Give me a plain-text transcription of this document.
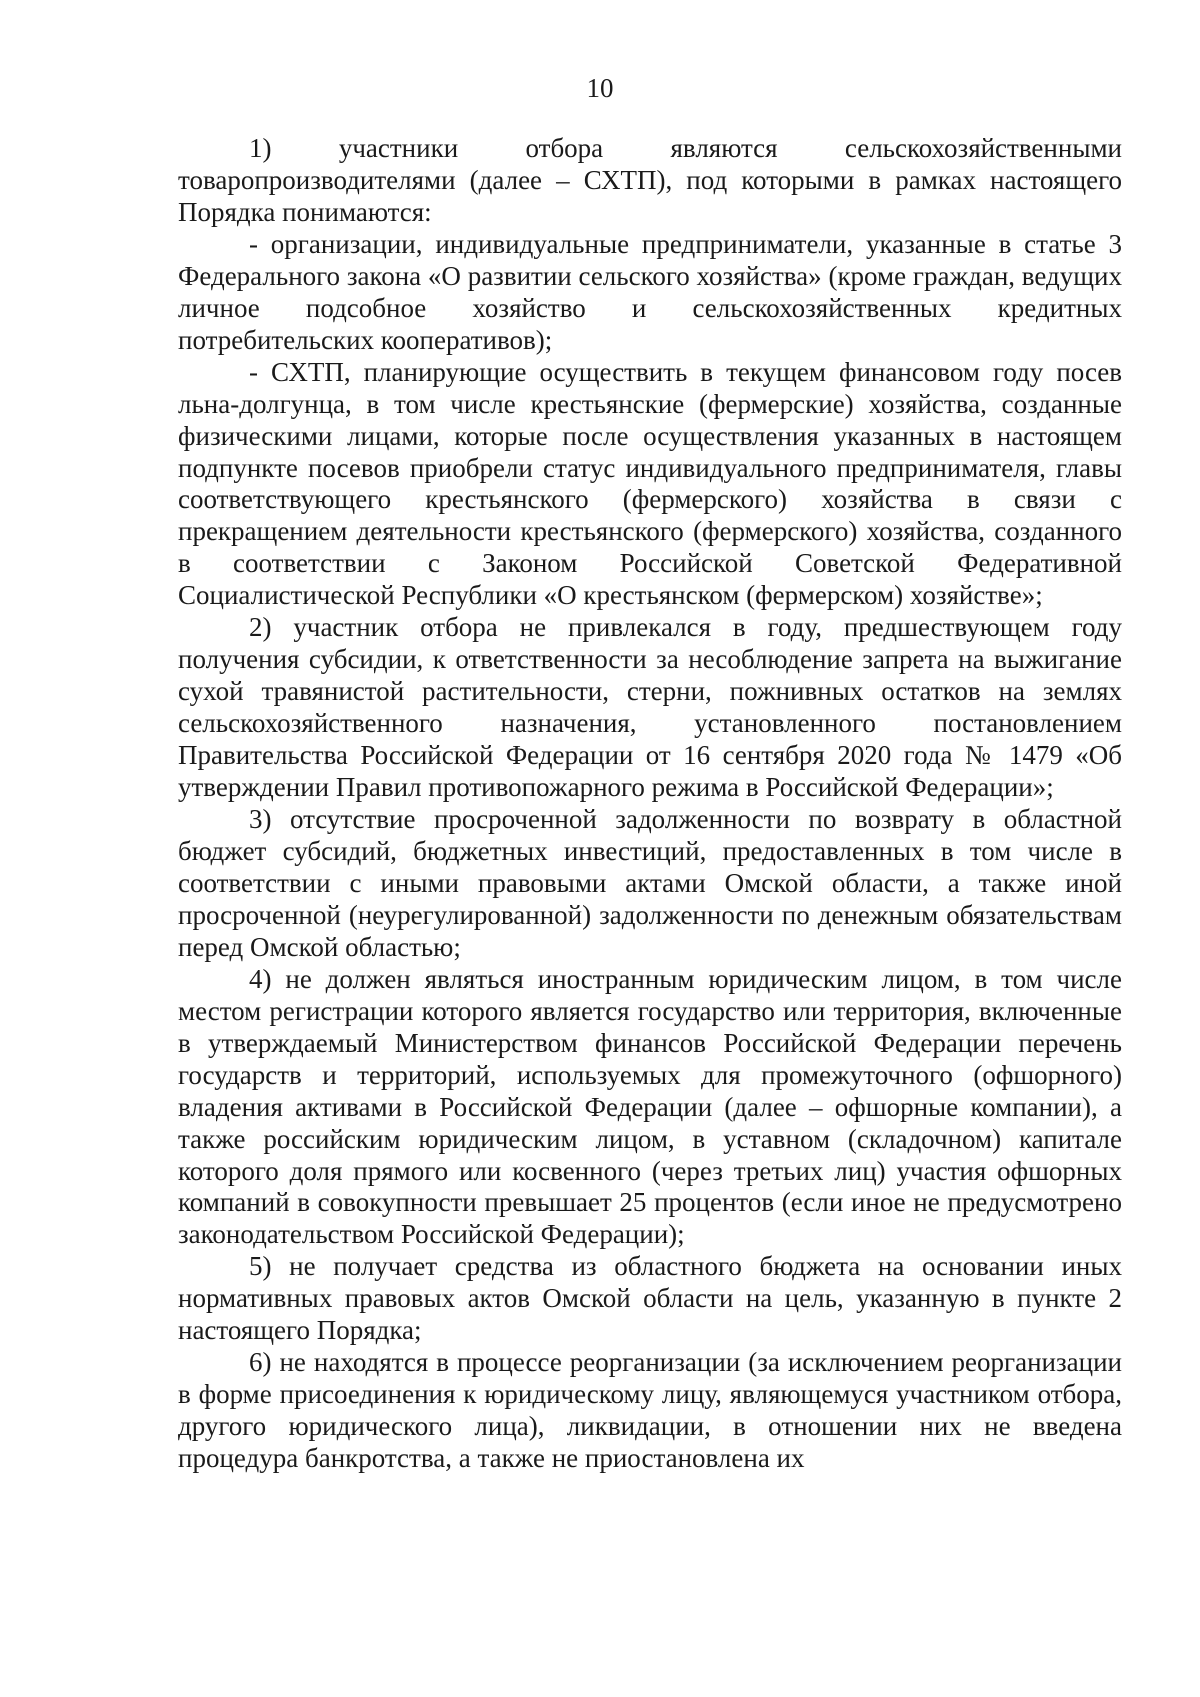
10

1) участники отбора являются сельскохозяйственными товаропроизводителями (далее – СХТП), под которыми в рамках настоящего Порядка понимаются:

- организации, индивидуальные предприниматели, указанные в статье 3 Федерального закона «О развитии сельского хозяйства» (кроме граждан, ведущих личное подсобное хозяйство и сельскохозяйственных кредитных потребительских кооперативов);

- СХТП, планирующие осуществить в текущем финансовом году посев льна-долгунца, в том числе крестьянские (фермерские) хозяйства, созданные физическими лицами, которые после осуществления указанных в настоящем подпункте посевов приобрели статус индивидуального предпринимателя, главы соответствующего крестьянского (фермерского) хозяйства в связи с прекращением деятельности крестьянского (фермерского) хозяйства, созданного в соответствии с Законом Российской Советской Федеративной Социалистической Республики «О крестьянском (фермерском) хозяйстве»;

2) участник отбора не привлекался в году, предшествующем году получения субсидии, к ответственности за несоблюдение запрета на выжигание сухой травянистой растительности, стерни, пожнивных остатков на землях сельскохозяйственного назначения, установленного постановлением Правительства Российской Федерации от 16 сентября 2020 года № 1479 «Об утверждении Правил противопожарного режима в Российской Федерации»;

3) отсутствие просроченной задолженности по возврату в областной бюджет субсидий, бюджетных инвестиций, предоставленных в том числе в соответствии с иными правовыми актами Омской области, а также иной просроченной (неурегулированной) задолженности по денежным обязательствам перед Омской областью;

4) не должен являться иностранным юридическим лицом, в том числе местом регистрации которого является государство или территория, включенные в утверждаемый Министерством финансов Российской Федерации перечень государств и территорий, используемых для промежуточного (офшорного) владения активами в Российской Федерации (далее – офшорные компании), а также российским юридическим лицом, в уставном (складочном) капитале которого доля прямого или косвенного (через третьих лиц) участия офшорных компаний в совокупности превышает 25 процентов (если иное не предусмотрено законодательством Российской Федерации);

5) не получает средства из областного бюджета на основании иных нормативных правовых актов Омской области на цель, указанную в пункте 2 настоящего Порядка;

6) не находятся в процессе реорганизации (за исключением реорганизации в форме присоединения к юридическому лицу, являющемуся участником отбора, другого юридического лица), ликвидации, в отношении них не введена процедура банкротства, а также не приостановлена их
